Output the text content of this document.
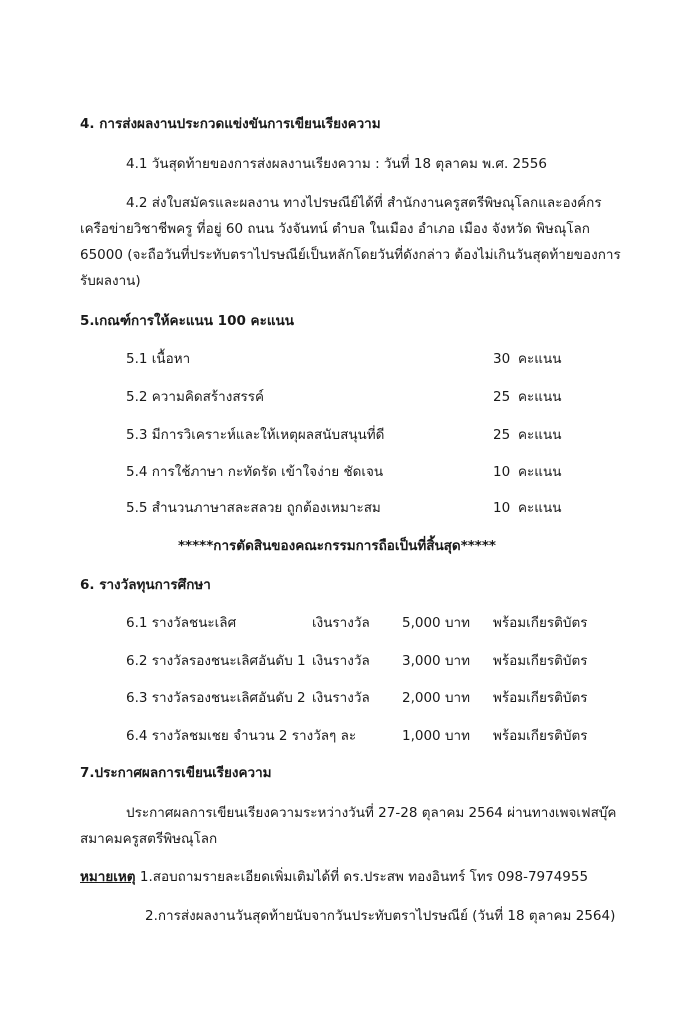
4. การส่งผลงานประกวดแข่งขันการเขียนเรียงความ
4.1 วันสุดท้ายของการส่งผลงานเรียงความ : วันที่ 18 ตุลาคม พ.ศ. 2556
4.2 ส่งใบสมัครและผลงาน ทางไปรษณีย์ได้ที่ สำนักงานครูสตรีพิษณุโลกและองค์กร
เครือข่ายวิชาชีพครู ที่อยู่ 60 ถนน วังจันทน์ ตำบล ในเมือง อำเภอ เมือง จังหวัด พิษณุโลก
65000 (จะถือวันที่ประทับตราไปรษณีย์เป็นหลักโดยวันที่ดังกล่าว ต้องไม่เกินวันสุดท้ายของการ
รับผลงาน)
5.เกณฑ์การให้คะแนน 100 คะแนน
5.1 เนื้อหา	30 คะแนน
5.2 ความคิดสร้างสรรค์	25 คะแนน
5.3 มีการวิเคราะห์และให้เหตุผลสนับสนุนที่ดี	25 คะแนน
5.4 การใช้ภาษา กะทัดรัด เข้าใจง่าย ชัดเจน	10 คะแนน
5.5 สำนวนภาษาสละสลวย ถูกต้องเหมาะสม	10 คะแนน
*****การตัดสินของคณะกรรมการถือเป็นที่สิ้นสุด*****
6. รางวัลทุนการศึกษา
6.1 รางวัลชนะเลิศ	เงินรางวัล 5,000 บาท พร้อมเกียรติบัตร
6.2 รางวัลรองชนะเลิศอันดับ 1 เงินรางวัล 3,000 บาท พร้อมเกียรติบัตร
6.3 รางวัลรองชนะเลิศอันดับ 2 เงินรางวัล 2,000 บาท พร้อมเกียรติบัตร
6.4 รางวัลชมเชย จำนวน 2 รางวัลๆ ละ	1,000 บาท พร้อมเกียรติบัตร
7.ประกาศผลการเขียนเรียงความ
ประกาศผลการเขียนเรียงความระหว่างวันที่ 27-28 ตุลาคม 2564 ผ่านทางเพจเฟสบุ๊ค
สมาคมครูสตรีพิษณุโลก
หมายเหตุ 1.สอบถามรายละเอียดเพิ่มเติมได้ที่ ดร.ประสพ ทองอินทร์ โทร 098-7974955
2.การส่งผลงานวันสุดท้ายนับจากวันประทับตราไปรษณีย์ (วันที่ 18 ตุลาคม 2564)
